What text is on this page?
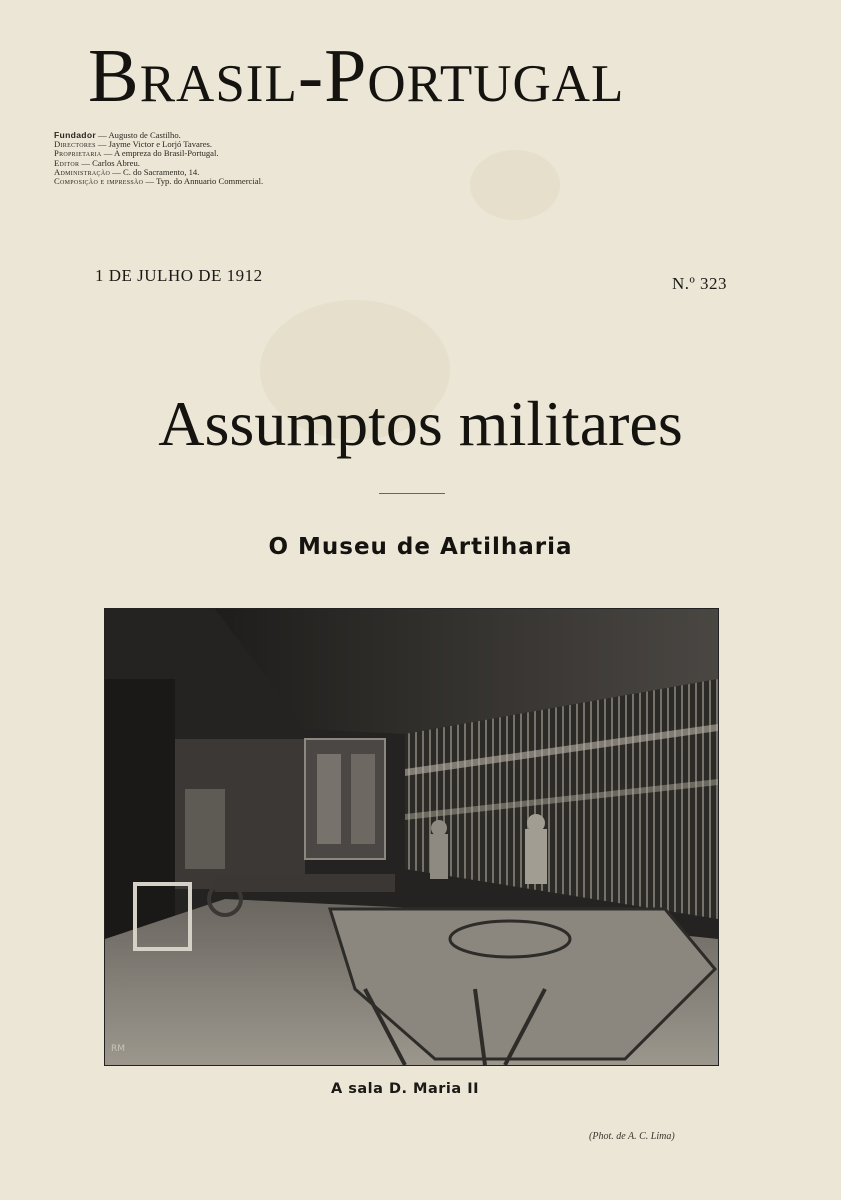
Brasil-Portugal
Fundador — Augusto de Castilho.
Directores — Jayme Victor e Lorjó Tavares.
Proprietaria — A empreza do Brasil-Portugal.
Editor — Carlos Abreu.
Administração — C. do Sacramento, 14.
Composição e impressão — Typ. do Annuario Commercial.
1 DE JULHO DE 1912	N.º 323
Assumptos militares
O Museu de Artilharia
RM
A sala D. Maria II
(Phot. de A. C. Lima)
